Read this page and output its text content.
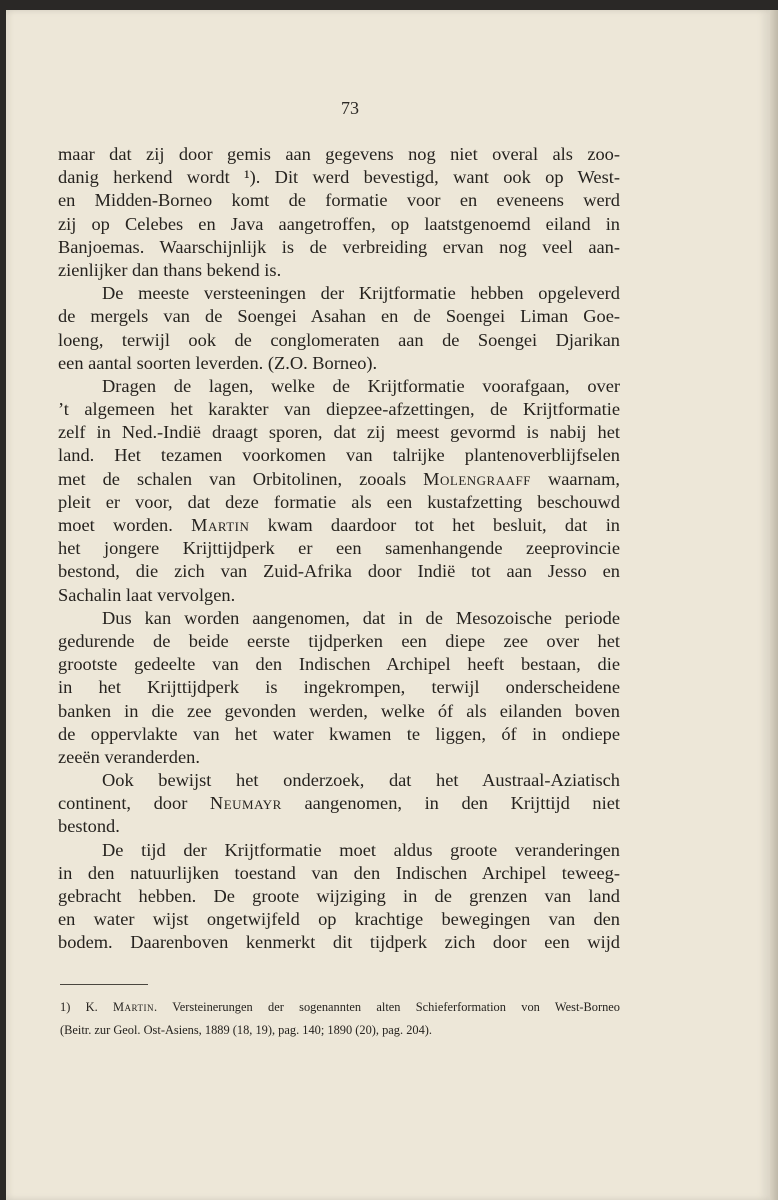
73
maar dat zij door gemis aan gegevens nog niet overal als zoo-
danig herkend wordt ¹). Dit werd bevestigd, want ook op West-
en Midden-Borneo komt de formatie voor en eveneens werd
zij op Celebes en Java aangetroffen, op laatstgenoemd eiland in
Banjoemas. Waarschijnlijk is de verbreiding ervan nog veel aan-
zienlijker dan thans bekend is.
De meeste versteeningen der Krijtformatie hebben opgeleverd
de mergels van de Soengei Asahan en de Soengei Liman Goe-
loeng, terwijl ook de conglomeraten aan de Soengei Djarikan
een aantal soorten leverden. (Z.O. Borneo).
Dragen de lagen, welke de Krijtformatie voorafgaan, over
’t algemeen het karakter van diepzee-afzettingen, de Krijtformatie
zelf in Ned.-Indië draagt sporen, dat zij meest gevormd is nabij het
land. Het tezamen voorkomen van talrijke plantenoverblijfselen
met de schalen van Orbitolinen, zooals Molengraaff waarnam,
pleit er voor, dat deze formatie als een kustafzetting beschouwd
moet worden. Martin kwam daardoor tot het besluit, dat in
het jongere Krijttijdperk er een samenhangende zeeprovincie
bestond, die zich van Zuid-Afrika door Indië tot aan Jesso en
Sachalin laat vervolgen.
Dus kan worden aangenomen, dat in de Mesozoische periode
gedurende de beide eerste tijdperken een diepe zee over het
grootste gedeelte van den Indischen Archipel heeft bestaan, die
in het Krijttijdperk is ingekrompen, terwijl onderscheidene
banken in die zee gevonden werden, welke óf als eilanden boven
de oppervlakte van het water kwamen te liggen, óf in ondiepe
zeeën veranderden.
Ook bewijst het onderzoek, dat het Austraal-Aziatisch
continent, door Neumayr aangenomen, in den Krijttijd niet
bestond.
De tijd der Krijtformatie moet aldus groote veranderingen
in den natuurlijken toestand van den Indischen Archipel teweeg-
gebracht hebben. De groote wijziging in de grenzen van land
en water wijst ongetwijfeld op krachtige bewegingen van den
bodem. Daarenboven kenmerkt dit tijdperk zich door een wijd
1) K. Martin. Versteinerungen der sogenannten alten Schieferformation von West-Borneo
(Beitr. zur Geol. Ost-Asiens, 1889 (18, 19), pag. 140; 1890 (20), pag. 204).
